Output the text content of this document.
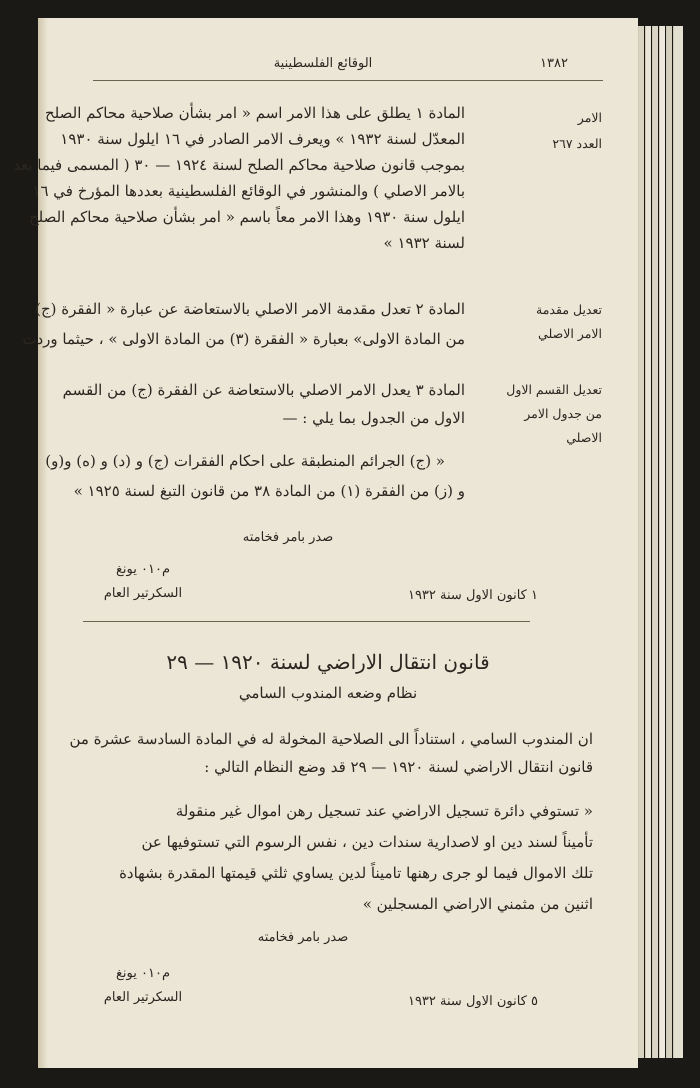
١٣٨٢

الوقائع الفلسطينية

الامر

العدد ٢٦٧

المادة ١ يطلق على هذا الامر اسم « امر بشأن صلاحية محاكم الصلح

المعدّل لسنة ١٩٣٢ » ويعرف الامر الصادر في ١٦ ايلول سنة ١٩٣٠

بموجب قانون صلاحية محاكم الصلح لسنة ١٩٢٤ — ٣٠ ( المسمى فيما بعد

بالامر الاصلي ) والمنشور في الوقائع الفلسطينية بعددها المؤرخ في ١٦

ايلول سنة ١٩٣٠ وهذا الامر معاً باسم « امر بشأن صلاحية محاكم الصلح

لسنة ١٩٣٢ »

تعديل مقدمة

الامر الاصلي

المادة ٢ تعدل مقدمة الامر الاصلي بالاستعاضة عن عبارة « الفقرة (ج)

من المادة الاولى» بعبارة « الفقرة (٣) من المادة الاولى » ، حيثما وردت

تعديل القسم الاول

من جدول الامر

الاصلي

المادة ٣ يعدل الامر الاصلي بالاستعاضة عن الفقرة (ج) من القسم

الاول من الجدول بما يلي : —

« (ج) الجرائم المنطبقة على احكام الفقرات (ج) و (د) و (ه) و(و)

و (ز) من الفقرة (١) من المادة ٣٨ من قانون التبغ لسنة ١٩٢٥ »

صدر بامر فخامته

م٠١٠ يونغ

السكرتير العام	١ كانون الاول سنة ١٩٣٢

قانون انتقال الاراضي لسنة ١٩٢٠ — ٢٩

نظام وضعه المندوب السامي

ان المندوب السامي ، استناداً الى الصلاحية المخولة له في المادة السادسة عشرة من

قانون انتقال الاراضي لسنة ١٩٢٠ — ٢٩ قد وضع النظام التالي :

« تستوفي دائرة تسجيل الاراضي عند تسجيل رهن اموال غير منقولة

تأميناً لسند دين او لاصدارية سندات دين ، نفس الرسوم التي تستوفيها عن

تلك الاموال فيما لو جرى رهنها تاميناً لدين يساوي ثلثي قيمتها المقدرة بشهادة

اثنين من مثمني الاراضي المسجلين »

صدر بامر فخامته

م٠١٠ يونغ

السكرتير العام	٥ كانون الاول سنة ١٩٣٢
